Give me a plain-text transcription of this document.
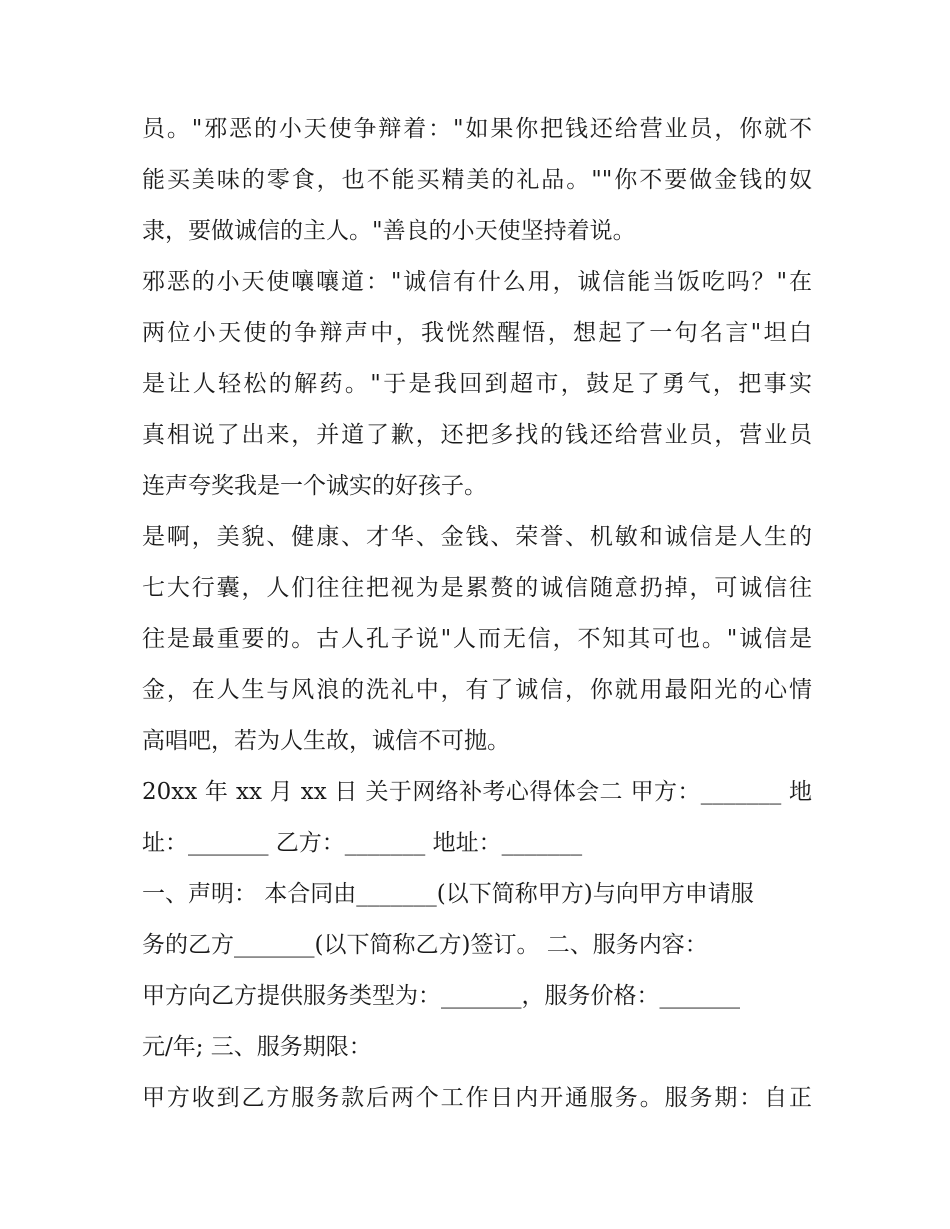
员。"邪恶的小天使争辩着："如果你把钱还给营业员，你就不
能买美味的零食，也不能买精美的礼品。""你不要做金钱的奴
隶，要做诚信的主人。"善良的小天使坚持着说。
邪恶的小天使嚷嚷道："诚信有什么用，诚信能当饭吃吗？"在
两位小天使的争辩声中，我恍然醒悟，想起了一句名言"坦白
是让人轻松的解药。"于是我回到超市，鼓足了勇气，把事实
真相说了出来，并道了歉，还把多找的钱还给营业员，营业员
连声夸奖我是一个诚实的好孩子。
是啊，美貌、健康、才华、金钱、荣誉、机敏和诚信是人生的
七大行囊，人们往往把视为是累赘的诚信随意扔掉，可诚信往
往是最重要的。古人孔子说"人而无信，不知其可也。"诚信是
金，在人生与风浪的洗礼中，有了诚信，你就用最阳光的心情
高唱吧，若为人生故，诚信不可抛。
20xx 年 xx 月 xx 日 关于网络补考心得体会二 甲方：_______ 地
址：_______ 乙方：_______ 地址：_______
一、声明： 本合同由_______(以下简称甲方)与向甲方申请服
务的乙方_______(以下简称乙方)签订。 二、服务内容：
甲方向乙方提供服务类型为：_______，服务价格：_______
元/年; 三、服务期限：
甲方收到乙方服务款后两个工作日内开通服务。服务期：自正
